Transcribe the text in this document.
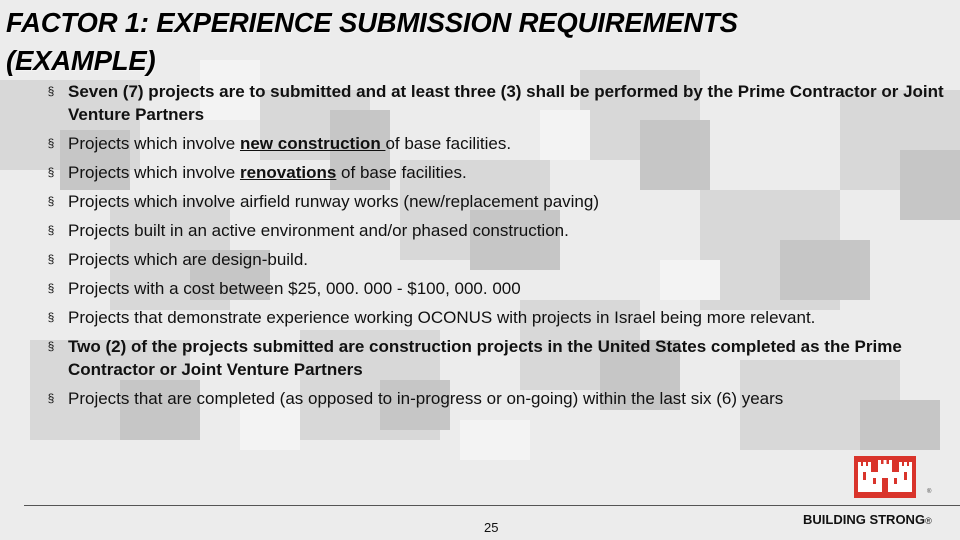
FACTOR 1: EXPERIENCE SUBMISSION REQUIREMENTS
(EXAMPLE)
§ Seven (7) projects are to submitted and at least three (3) shall be performed by the Prime Contractor or Joint Venture Partners
§ Projects which involve new construction of base facilities.
§ Projects which involve renovations of base facilities.
§ Projects which involve airfield runway works (new/replacement paving)
§ Projects built in an active environment and/or phased construction.
§ Projects which are design-build.
§ Projects with a cost between $25, 000. 000 - $100, 000. 000
§ Projects that demonstrate experience working OCONUS with projects in Israel being more relevant.
§ Two (2) of the projects submitted are construction projects in the United States completed as the Prime Contractor or Joint Venture Partners
§ Projects that are completed (as opposed to in-progress or on-going) within the last six (6) years
®
25
BUILDING STRONG®
